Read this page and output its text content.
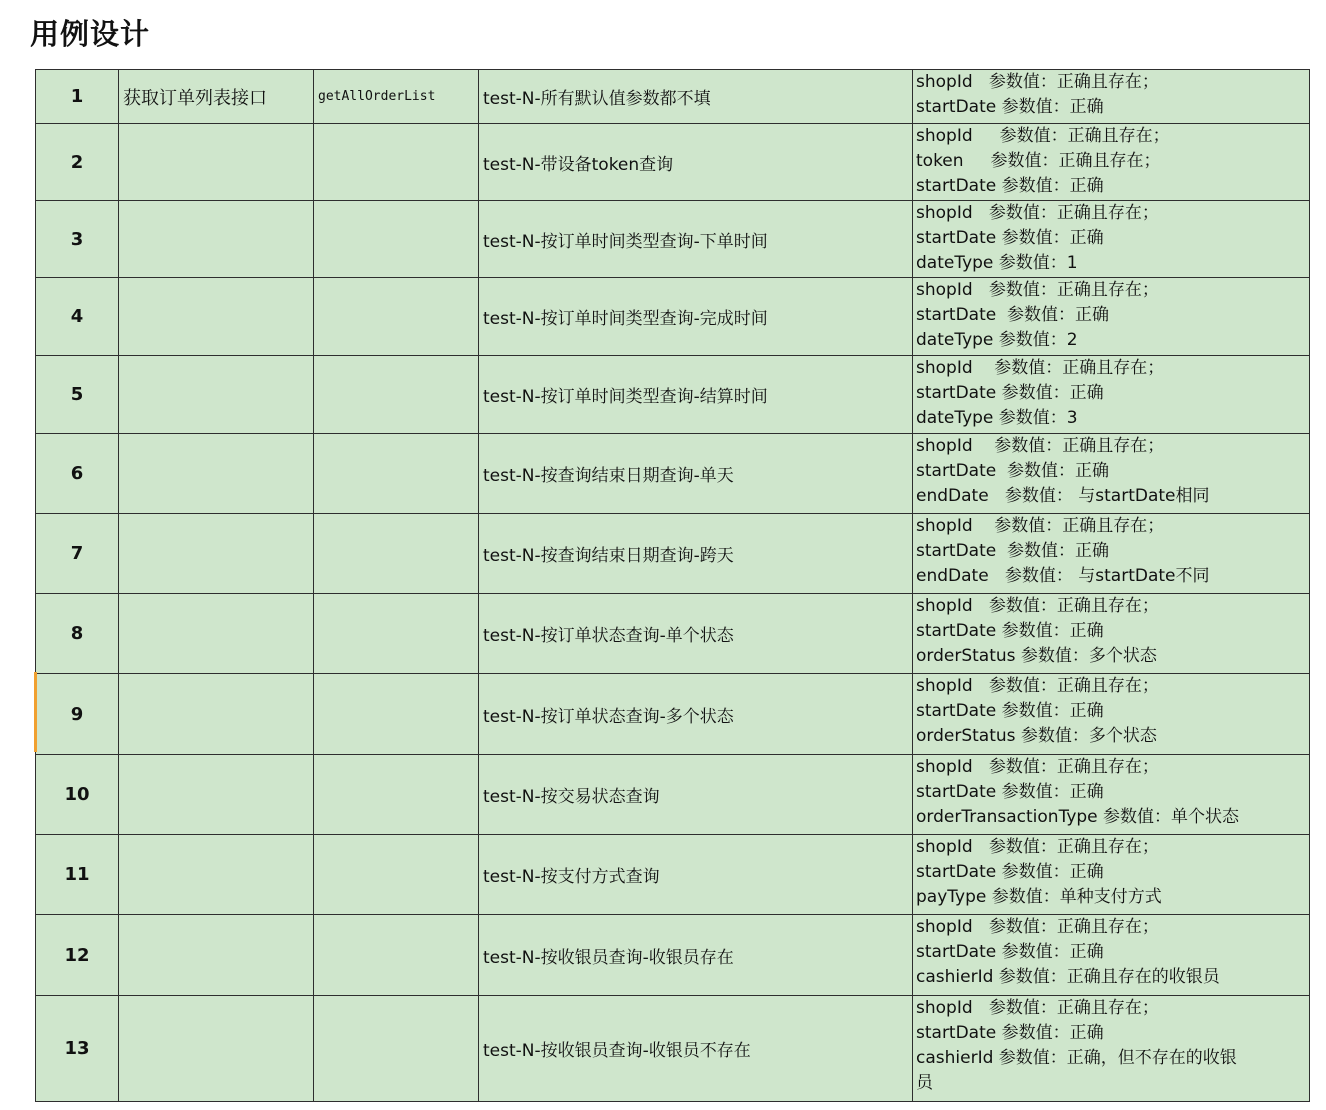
用例设计
1	获取订单列表接口	getAllOrderList	test-N-所有默认值参数都不填	shopId   参数值：正确且存在；
startDate 参数值：正确

2			test-N-带设备token查询	shopId     参数值：正确且存在；
token     参数值：正确且存在；
startDate 参数值：正确

3			test-N-按订单时间类型查询-下单时间	shopId   参数值：正确且存在；
startDate 参数值：正确
dateType 参数值：1

4			test-N-按订单时间类型查询-完成时间	shopId   参数值：正确且存在；
startDate  参数值：正确
dateType 参数值：2

5			test-N-按订单时间类型查询-结算时间	shopId    参数值：正确且存在；
startDate 参数值：正确
dateType 参数值：3

6			test-N-按查询结束日期查询-单天	shopId    参数值：正确且存在；
startDate  参数值：正确
endDate   参数值： 与startDate相同

7			test-N-按查询结束日期查询-跨天	shopId    参数值：正确且存在；
startDate  参数值：正确
endDate   参数值： 与startDate不同

8			test-N-按订单状态查询-单个状态	shopId   参数值：正确且存在；
startDate 参数值：正确
orderStatus 参数值：多个状态

9			test-N-按订单状态查询-多个状态	shopId   参数值：正确且存在；
startDate 参数值：正确
orderStatus 参数值：多个状态

10			test-N-按交易状态查询	shopId   参数值：正确且存在；
startDate 参数值：正确
orderTransactionType 参数值：单个状态

11			test-N-按支付方式查询	shopId   参数值：正确且存在；
startDate 参数值：正确
payType 参数值：单种支付方式

12			test-N-按收银员查询-收银员存在	shopId   参数值：正确且存在；
startDate 参数值：正确
cashierId 参数值：正确且存在的收银员

13			test-N-按收银员查询-收银员不存在	shopId   参数值：正确且存在；
startDate 参数值：正确
cashierId 参数值：正确，但不存在的收银
员
